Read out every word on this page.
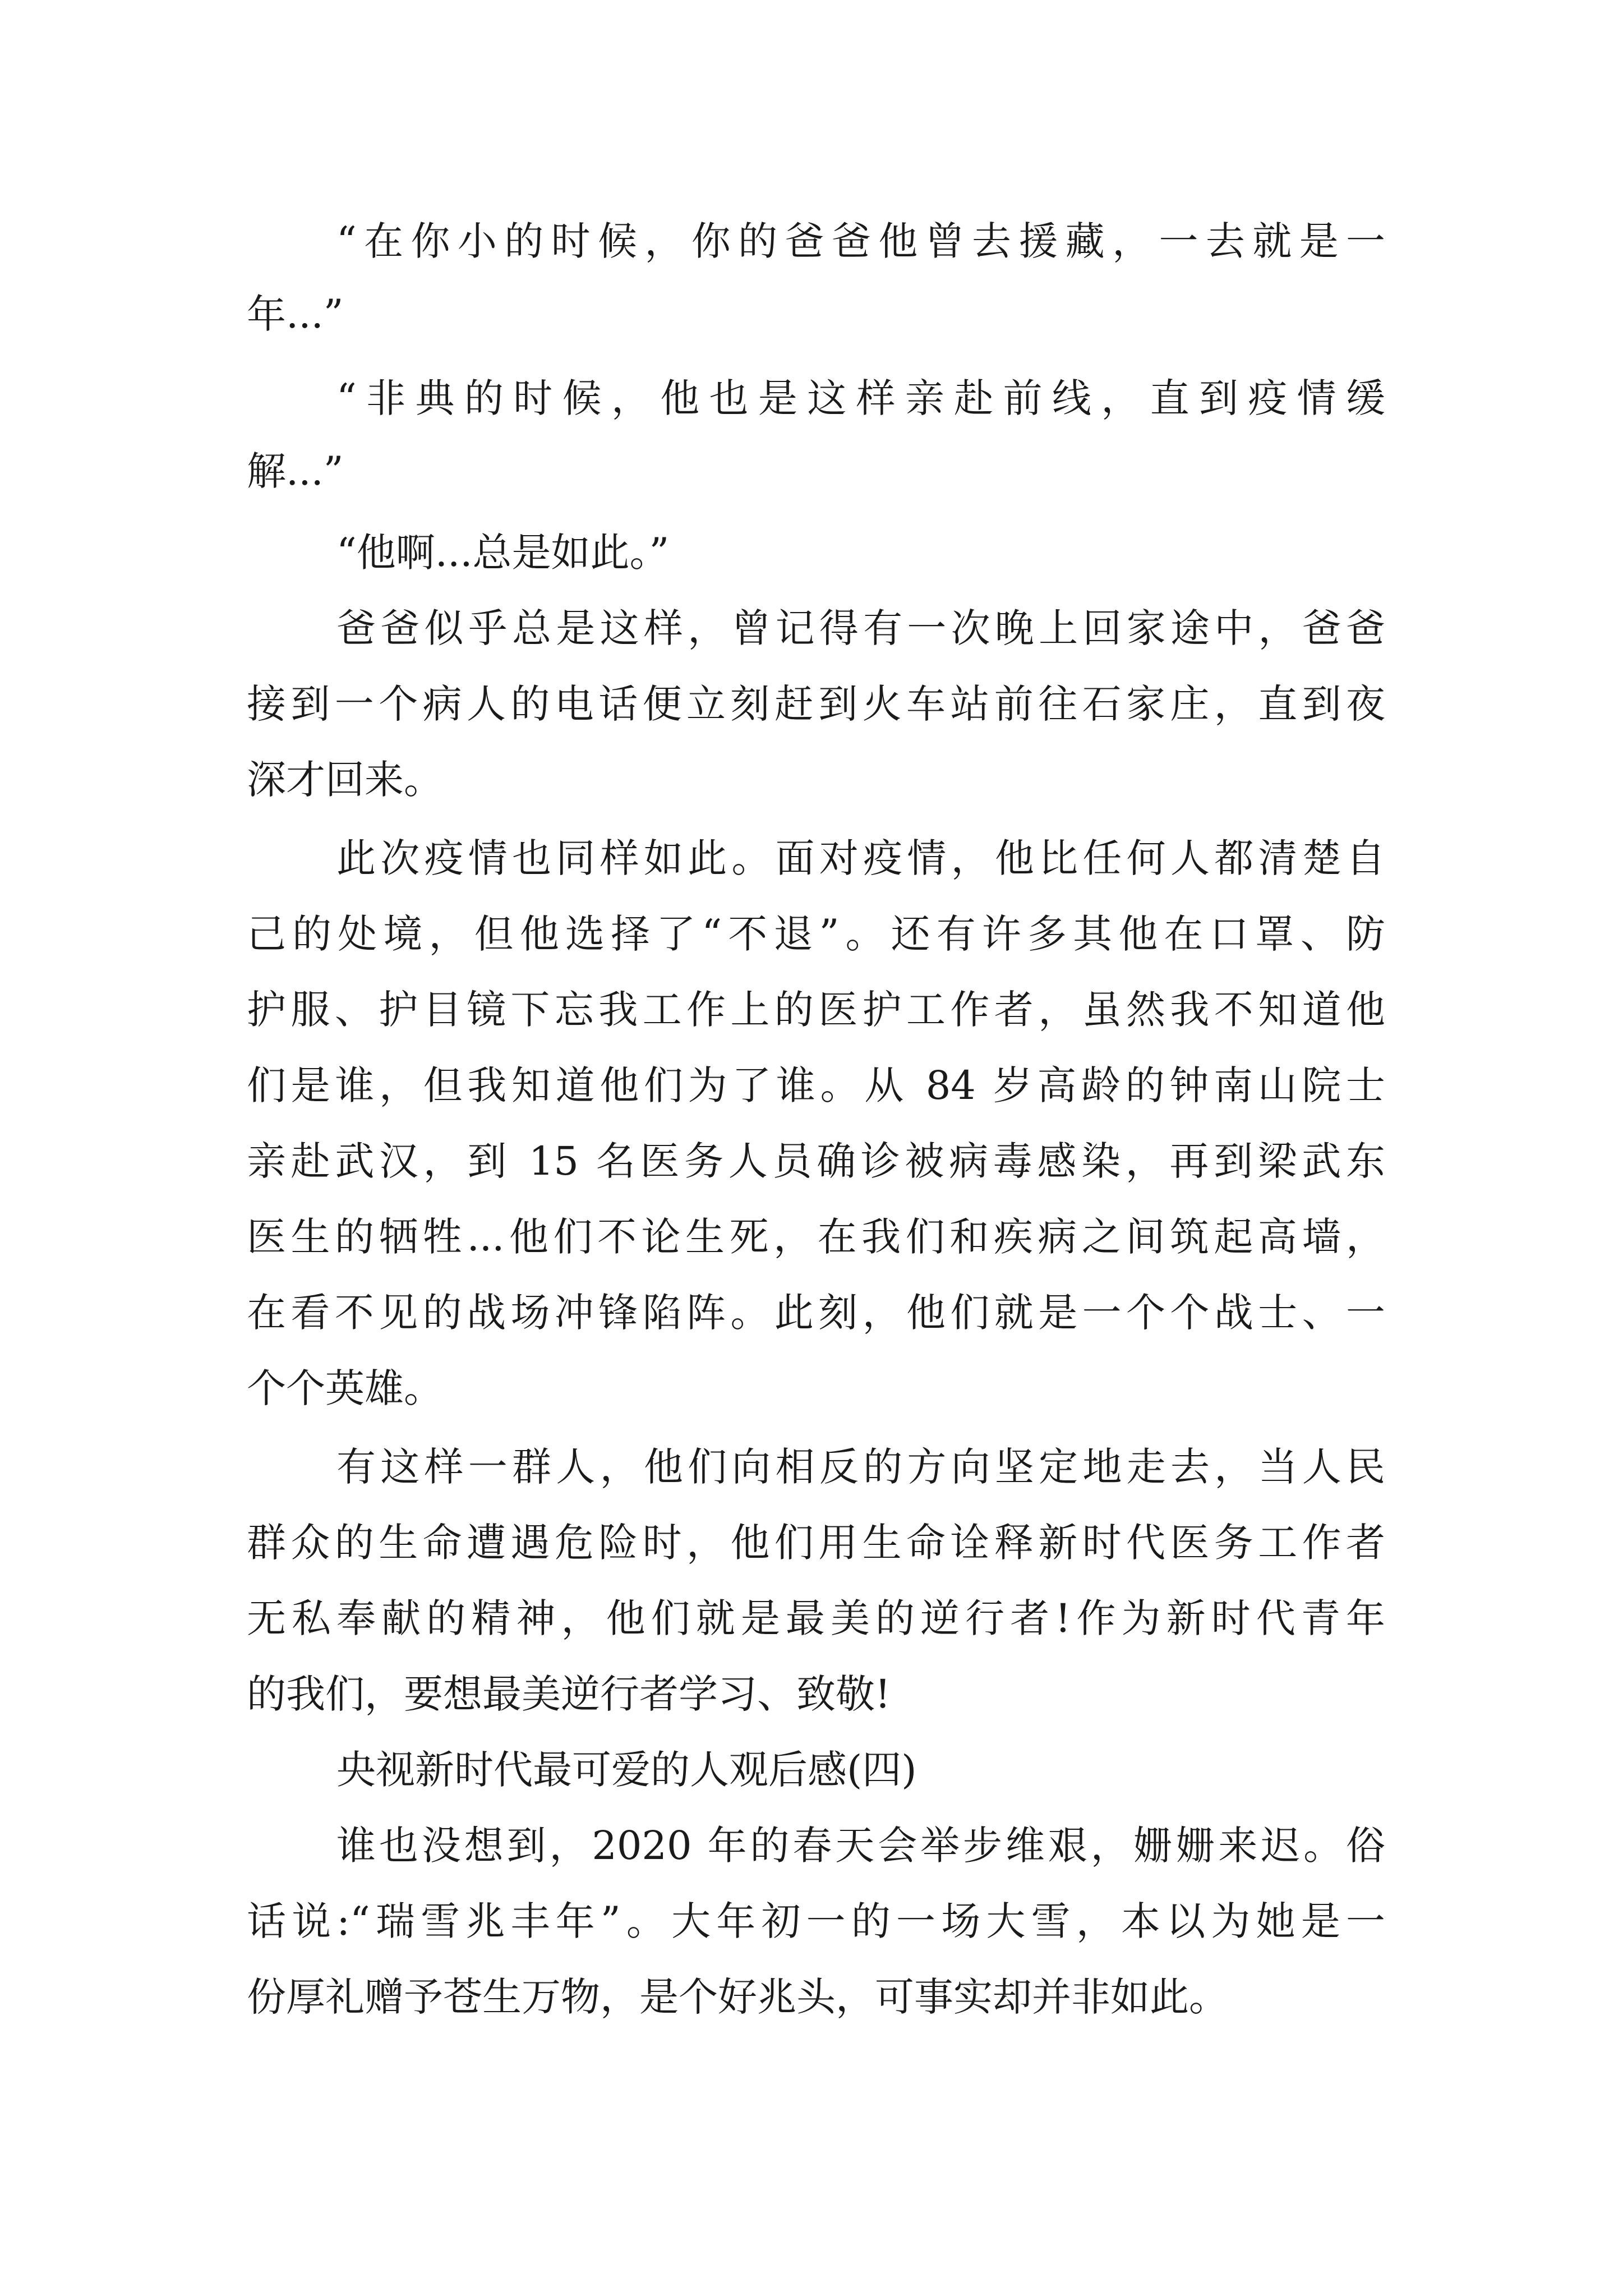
“在你小的时候，你的爸爸他曾去援藏，一去就是一
年...”
“非典的时候，他也是这样亲赴前线，直到疫情缓
解...”
“他啊...总是如此。”
爸爸似乎总是这样，曾记得有一次晚上回家途中，爸爸
接到一个病人的电话便立刻赶到火车站前往石家庄，直到夜
深才回来。
此次疫情也同样如此。面对疫情，他比任何人都清楚自
己的处境，但他选择了“不退”。还有许多其他在口罩、防
护服、护目镜下忘我工作上的医护工作者，虽然我不知道他
们是谁，但我知道他们为了谁。从 84 岁高龄的钟南山院士
亲赴武汉，到 15 名医务人员确诊被病毒感染，再到梁武东
医生的牺牲...他们不论生死，在我们和疾病之间筑起高墙，
在看不见的战场冲锋陷阵。此刻，他们就是一个个战士、一
个个英雄。
有这样一群人，他们向相反的方向坚定地走去，当人民
群众的生命遭遇危险时，他们用生命诠释新时代医务工作者
无私奉献的精神，他们就是最美的逆行者!作为新时代青年
的我们，要想最美逆行者学习、致敬!
央视新时代最可爱的人观后感(四)
谁也没想到，2020 年的春天会举步维艰，姗姗来迟。俗
话说:“瑞雪兆丰年”。大年初一的一场大雪，本以为她是一
份厚礼赠予苍生万物，是个好兆头，可事实却并非如此。
